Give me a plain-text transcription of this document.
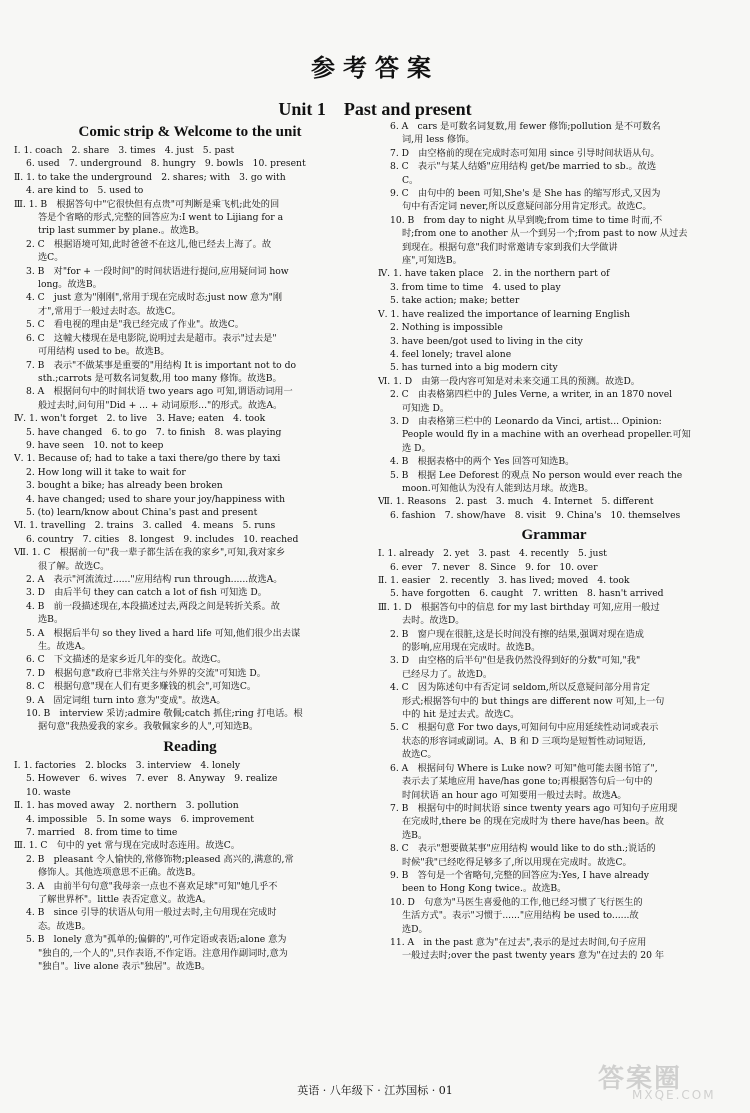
参考答案
Unit 1　Past and present
Comic strip & Welcome to the unit
Ⅰ. 1. coach　2. share　3. times　4. just　5. past
6. used　7. underground　8. hungry　9. bowls　10. present
Ⅱ. 1. to take the underground　2. shares; with　3. go with
4. are kind to　5. used to
Ⅲ. 1. B　根据答句中"它很快但有点贵"可判断是乘飞机;此处的回
答是个省略的形式,完整的回答应为:I went to Lijiang for a
trip last summer by plane.。故选B。
2. C　根据语境可知,此时爸爸不在这儿,他已经去上海了。故
选C。
3. B　对"for + 一段时间"的时间状语进行提问,应用疑问词 how
long。故选B。
4. C　just 意为"刚刚",常用于现在完成时态;just now 意为"刚
才",常用于一般过去时态。故选C。
5. C　看电视的理由是"我已经完成了作业"。故选C。
6. C　这幢大楼现在是电影院,说明过去是超市。表示"过去是"
可用结构 used to be。故选B。
7. B　表示"不做某事是重要的"用结构 It is important not to do
sth.;carrots 是可数名词复数,用 too many 修饰。故选B。
8. A　根据问句中的时间状语 two years ago 可知,谓语动词用一
般过去时,问句用"Did + ... + 动词原形..."的形式。故选A。
Ⅳ. 1. won't forget　2. to live　3. Have; eaten　4. took
5. have changed　6. to go　7. to finish　8. was playing
9. have seen　10. not to keep
Ⅴ. 1. Because of; had to take a taxi there/go there by taxi
2. How long will it take to wait for
3. bought a bike; has already been broken
4. have changed; used to share your joy/happiness with
5. (to) learn/know about China's past and present
Ⅵ. 1. travelling　2. trains　3. called　4. means　5. runs
6. country　7. cities　8. longest　9. includes　10. reached
Ⅶ. 1. C　根据前一句"我一辈子都生活在我的家乡",可知,我对家乡
很了解。故选C。
2. A　表示"河流流过......"应用结构 run through......故选A。
3. D　由后半句 they can catch a lot of fish 可知选 D。
4. B　前一段描述现在,本段描述过去,两段之间是转折关系。故
选B。
5. A　根据后半句 so they lived a hard life 可知,他们很少出去谋
生。故选A。
6. C　下文描述的是家乡近几年的变化。故选C。
7. D　根据句意"政府已非常关注与外界的交流"可知选 D。
8. C　根据句意"现在人们有更多赚钱的机会",可知选C。
9. A　固定词组 turn into 意为"变成"。故选A。
10. B　interview 采访;admire 敬佩;catch 抓住;ring 打电话。根
据句意"我热爱我的家乡。我敬佩家乡的人",可知选B。
Reading
Ⅰ. 1. factories　2. blocks　3. interview　4. lonely
5. However　6. wives　7. ever　8. Anyway　9. realize
10. waste
Ⅱ. 1. has moved away　2. northern　3. pollution
4. impossible　5. In some ways　6. improvement
7. married　8. from time to time
Ⅲ. 1. C　句中的 yet 常与现在完成时态连用。故选C。
2. B　pleasant 令人愉快的,常修饰物;pleased 高兴的,满意的,常
修饰人。其他选项意思不正确。故选B。
3. A　由前半句句意"我母亲一点也不喜欢足球"可知"她几乎不
了解世界杯"。little 表否定意义。故选A。
4. B　since 引导的状语从句用一般过去时,主句用现在完成时
态。故选B。
5. B　lonely 意为"孤单的;偏僻的",可作定语或表语;alone 意为
"独自的,一个人的",只作表语,不作定语。注意用作副词时,意为
"独自"。live alone 表示"独居"。故选B。
6. A　cars 是可数名词复数,用 fewer 修饰;pollution 是不可数名
词,用 less 修饰。
7. D　由空格前的现在完成时态可知用 since 引导时间状语从句。
8. C　表示"与某人结婚"应用结构 get/be married to sb.。故选
C。
9. C　由句中的 been 可知,She's 是 She has 的缩写形式,又因为
句中有否定词 never,所以反意疑问部分用肯定形式。故选C。
10. B　from day to night 从早到晚;from time to time 时而,不
时;from one to another 从一个到另一个;from past to now 从过去
到现在。根据句意"我们时常邀请专家到我们大学做讲
座",可知选B。
Ⅳ. 1. have taken place　2. in the northern part of
3. from time to time　4. used to play
5. take action; make; better
Ⅴ. 1. have realized the importance of learning English
2. Nothing is impossible
3. have been/got used to living in the city
4. feel lonely; travel alone
5. has turned into a big modern city
Ⅵ. 1. D　由第一段内容可知是对未来交通工具的预测。故选D。
2. C　由表格第四栏中的 Jules Verne, a writer, in an 1870 novel
可知选 D。
3. D　由表格第三栏中的 Leonardo da Vinci, artist... Opinion:
People would fly in a machine with an overhead propeller.可知
选 D。
4. B　根据表格中的两个 Yes 回答可知选B。
5. B　根据 Lee Deforest 的观点 No person would ever reach the
moon.可知他认为没有人能到达月球。故选B。
Ⅶ. 1. Reasons　2. past　3. much　4. Internet　5. different
6. fashion　7. show/have　8. visit　9. China's　10. themselves
Grammar
Ⅰ. 1. already　2. yet　3. past　4. recently　5. just
6. ever　7. never　8. Since　9. for　10. over
Ⅱ. 1. easier　2. recently　3. has lived; moved　4. took
5. have forgotten　6. caught　7. written　8. hasn't arrived
Ⅲ. 1. D　根据答句中的信息 for my last birthday 可知,应用一般过
去时。故选D。
2. B　窗户现在很脏,这是长时间没有擦的结果,强调对现在造成
的影响,应用现在完成时。故选B。
3. D　由空格的后半句"但是我仍然没得到好的分数"可知,"我"
已经尽力了。故选D。
4. C　因为陈述句中有否定词 seldom,所以反意疑问部分用肯定
形式;根据答句中的 but things are different now 可知,上一句
中的 hit 是过去式。故选C。
5. C　根据句意 For two days,可知问句中应用延续性动词或表示
状态的形容词或副词。A、B 和 D 三项均是短暂性动词短语,
故选C。
6. A　根据问句 Where is Luke now? 可知"他可能去图书馆了",
表示去了某地应用 have/has gone to;再根据答句后一句中的
时间状语 an hour ago 可知要用一般过去时。故选A。
7. B　根据句中的时间状语 since twenty years ago 可知句子应用现
在完成时,there be 的现在完成时为 there have/has been。故
选B。
8. C　表示"想要做某事"应用结构 would like to do sth.;说话的
时候"我"已经吃得足够多了,所以用现在完成时。故选C。
9. B　答句是一个省略句,完整的回答应为:Yes, I have already
been to Hong Kong twice.。故选B。
10. D　句意为"马医生喜爱他的工作,他已经习惯了飞行医生的
生活方式"。表示"习惯于......"应用结构 be used to......故
选D。
11. A　in the past 意为"在过去",表示的是过去时间,句子应用
一般过去时;over the past twenty years 意为"在过去的 20 年
英语 · 八年级下 · 江苏国标 · 01	答案圈
MXQE.COM
